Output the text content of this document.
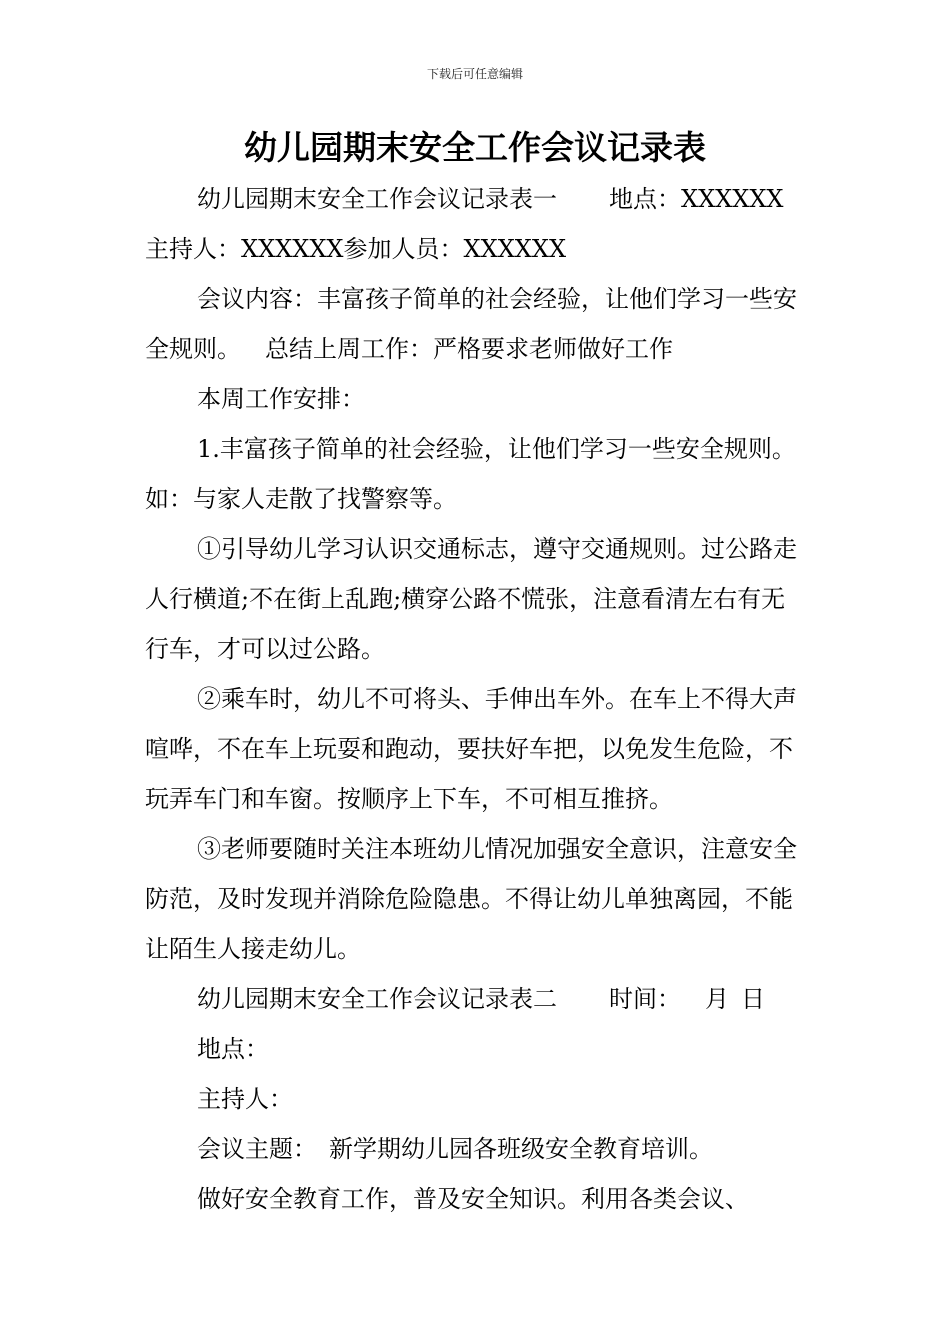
下载后可任意编辑
幼儿园期末安全工作会议记录表

幼儿园期末安全工作会议记录表一 地点：XXXXXX

主持人：XXXXXX参加人员：XXXXXX

会议内容：丰富孩子简单的社会经验，让他们学习一些安全规则。 总结上周工作：严格要求老师做好工作

本周工作安排：

1.丰富孩子简单的社会经验，让他们学习一些安全规则。如：与家人走散了找警察等。

①引导幼儿学习认识交通标志，遵守交通规则。过公路走人行横道;不在街上乱跑;横穿公路不慌张，注意看清左右有无行车，才可以过公路。

②乘车时，幼儿不可将头、手伸出车外。在车上不得大声喧哗，不在车上玩耍和跑动，要扶好车把，以免发生危险，不玩弄车门和车窗。按顺序上下车，不可相互推挤。

③老师要随时关注本班幼儿情况加强安全意识，注意安全防范，及时发现并消除危险隐患。不得让幼儿单独离园，不能让陌生人接走幼儿。

幼儿园期末安全工作会议记录表二 时间： 月 日地点：

主持人：

会议主题： 新学期幼儿园各班级安全教育培训。

做好安全教育工作，普及安全知识。利用各类会议、
